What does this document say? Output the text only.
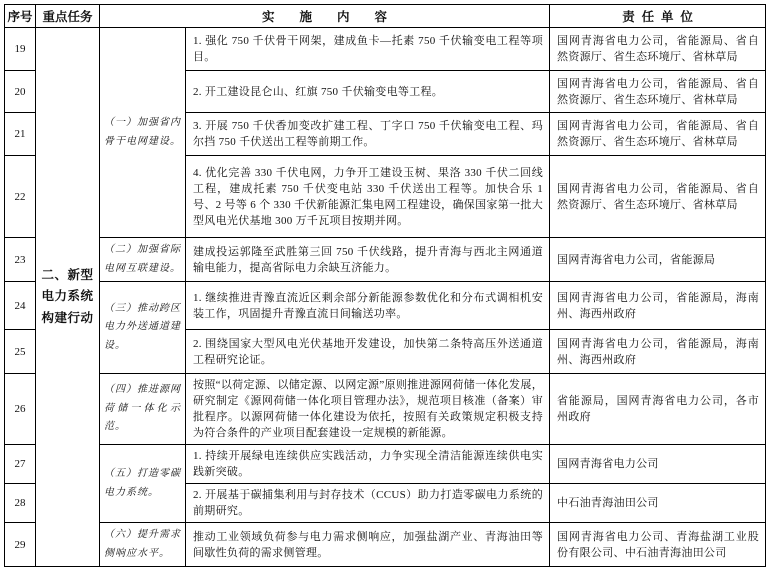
序号	重点任务	实施内容		责任单位
19	二、新型电力系统构建行动	（一）加强省内骨干电网建设。	1. 强化 750 千伏骨干网架，建成鱼卡—托素 750 千伏输变电工程等项目。	国网青海省电力公司，省能源局、省自然资源厅、省生态环境厅、省林草局
20			2. 开工建设昆仑山、红旗 750 千伏输变电等工程。	国网青海省电力公司，省能源局、省自然资源厅、省生态环境厅、省林草局
21			3. 开展 750 千伏香加变改扩建工程、丁字口 750 千伏输变电工程、玛尔挡 750 千伏送出工程等前期工作。	国网青海省电力公司，省能源局、省自然资源厅、省生态环境厅、省林草局
22			4. 优化完善 330 千伏电网，力争开工建设玉树、果洛 330 千伏二回线工程，建成托素 750 千伏变电站 330 千伏送出工程等。加快合乐 1 号、2 号等 6 个 330 千伏新能源汇集电网工程建设，确保国家第一批大型风电光伏基地 300 万千瓦项目按期并网。	国网青海省电力公司，省能源局、省自然资源厅、省生态环境厅、省林草局
23		（二）加强省际电网互联建设。	建成投运郭隆至武胜第三回 750 千伏线路，提升青海与西北主网通道输电能力，提高省际电力余缺互济能力。	国网青海省电力公司，省能源局
24		（三）推动跨区电力外送通道建设。	1. 继续推进青豫直流近区剩余部分新能源参数优化和分布式调相机安装工作，巩固提升青豫直流日间输送功率。	国网青海省电力公司，省能源局，海南州、海西州政府
25			2. 围绕国家大型风电光伏基地开发建设，加快第二条特高压外送通道工程研究论证。	国网青海省电力公司，省能源局，海南州、海西州政府
26		（四）推进源网荷储一体化示范。	按照“以荷定源、以储定源、以网定源”原则推进源网荷储一体化发展，研究制定《源网荷储一体化项目管理办法》，规范项目核准（备案）审批程序。以源网荷储一体化建设为依托，按照有关政策规定积极支持为符合条件的产业项目配套建设一定规模的新能源。	省能源局，国网青海省电力公司，各市州政府
27		（五）打造零碳电力系统。	1. 持续开展绿电连续供应实践活动，力争实现全清洁能源连续供电实践新突破。	国网青海省电力公司
28			2. 开展基于碳捕集利用与封存技术（CCUS）助力打造零碳电力系统的前期研究。	中石油青海油田公司
29		（六）提升需求侧响应水平。	推动工业领域负荷参与电力需求侧响应，加强盐湖产业、青海油田等间歇性负荷的需求侧管理。	国网青海省电力公司、青海盐湖工业股份有限公司、中石油青海油田公司
